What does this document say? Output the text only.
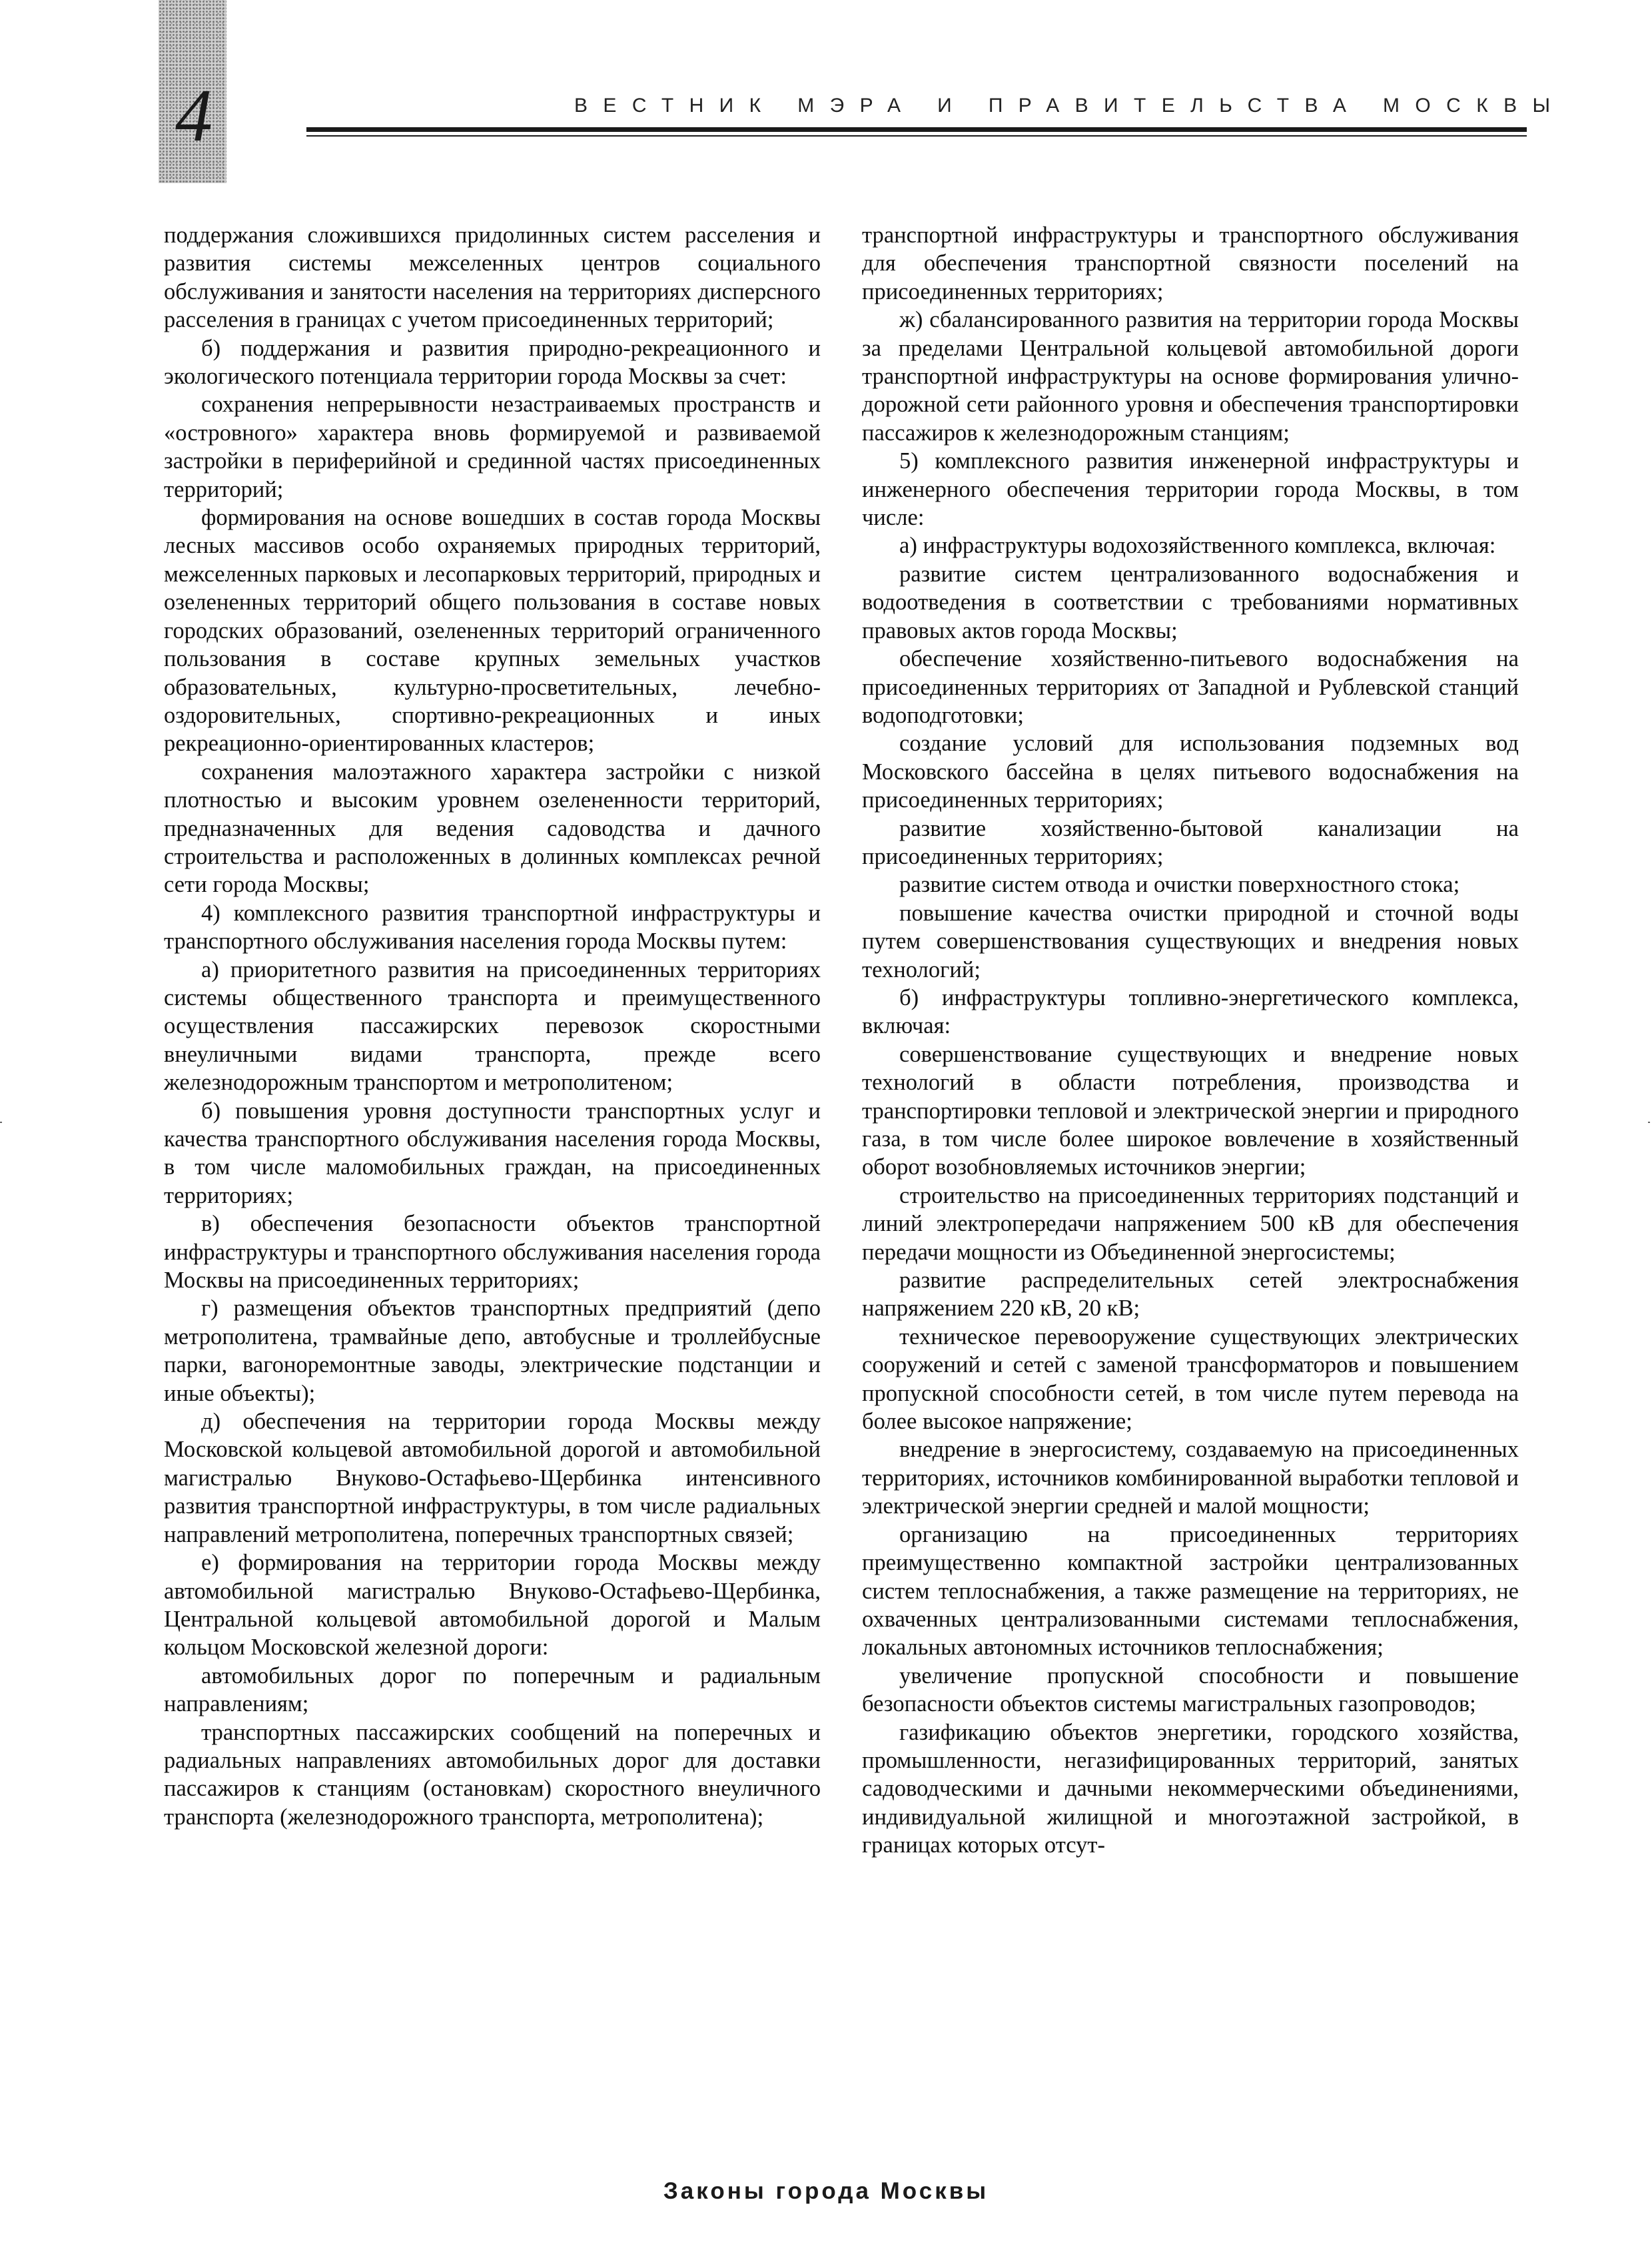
4	ВЕСТНИК МЭРА И ПРАВИТЕЛЬСТВА МОСКВЫ

поддержания сложившихся придолинных систем расселения и развития системы межселенных центров социального обслуживания и занятости населения на территориях дисперсного расселения в границах с учетом присоединенных территорий;

б) поддержания и развития природно-рекреационного и экологического потенциала территории города Москвы за счет:

сохранения непрерывности незастраиваемых пространств и «островного» характера вновь формируемой и развиваемой застройки в периферийной и срединной частях присоединенных территорий;

формирования на основе вошедших в состав города Москвы лесных массивов особо охраняемых природных территорий, межселенных парковых и лесопарковых территорий, природных и озелененных территорий общего пользования в составе новых городских образований, озелененных территорий ограниченного пользования в составе крупных земельных участков образовательных, культурно-просветительных, лечебно-оздоровительных, спортивно-рекреационных и иных рекреационно-ориентированных кластеров;

сохранения малоэтажного характера застройки с низкой плотностью и высоким уровнем озелененности территорий, предназначенных для ведения садоводства и дачного строительства и расположенных в долинных комплексах речной сети города Москвы;

4) комплексного развития транспортной инфраструктуры и транспортного обслуживания населения города Москвы путем:

а) приоритетного развития на присоединенных территориях системы общественного транспорта и преимущественного осуществления пассажирских перевозок скоростными внеуличными видами транспорта, прежде всего железнодорожным транспортом и метрополитеном;

б) повышения уровня доступности транспортных услуг и качества транспортного обслуживания населения города Москвы, в том числе маломобильных граждан, на присоединенных территориях;

в) обеспечения безопасности объектов транспортной инфраструктуры и транспортного обслуживания населения города Москвы на присоединенных территориях;

г) размещения объектов транспортных предприятий (депо метрополитена, трамвайные депо, автобусные и троллейбусные парки, вагоноремонтные заводы, электрические подстанции и иные объекты);

д) обеспечения на территории города Москвы между Московской кольцевой автомобильной дорогой и автомобильной магистралью Внуково-Остафьево-Щербинка интенсивного развития транспортной инфраструктуры, в том числе радиальных направлений метрополитена, поперечных транспортных связей;

е) формирования на территории города Москвы между автомобильной магистралью Внуково-Остафьево-Щербинка, Центральной кольцевой автомобильной дорогой и Малым кольцом Московской железной дороги:

автомобильных дорог по поперечным и радиальным направлениям;

транспортных пассажирских сообщений на поперечных и радиальных направлениях автомобильных дорог для доставки пассажиров к станциям (остановкам) скоростного внеуличного транспорта (железнодорожного транспорта, метрополитена);

транспортной инфраструктуры и транспортного обслуживания для обеспечения транспортной связности поселений на присоединенных территориях;

ж) сбалансированного развития на территории города Москвы за пределами Центральной кольцевой автомобильной дороги транспортной инфраструктуры на основе формирования улично-дорожной сети районного уровня и обеспечения транспортировки пассажиров к железнодорожным станциям;

5) комплексного развития инженерной инфраструктуры и инженерного обеспечения территории города Москвы, в том числе:

а) инфраструктуры водохозяйственного комплекса, включая:

развитие систем централизованного водоснабжения и водоотведения в соответствии с требованиями нормативных правовых актов города Москвы;

обеспечение хозяйственно-питьевого водоснабжения на присоединенных территориях от Западной и Рублевской станций водоподготовки;

создание условий для использования подземных вод Московского бассейна в целях питьевого водоснабжения на присоединенных территориях;

развитие хозяйственно-бытовой канализации на присоединенных территориях;

развитие систем отвода и очистки поверхностного стока;

повышение качества очистки природной и сточной воды путем совершенствования существующих и внедрения новых технологий;

б) инфраструктуры топливно-энергетического комплекса, включая:

совершенствование существующих и внедрение новых технологий в области потребления, производства и транспортировки тепловой и электрической энергии и природного газа, в том числе более широкое вовлечение в хозяйственный оборот возобновляемых источников энергии;

строительство на присоединенных территориях подстанций и линий электропередачи напряжением 500 кВ для обеспечения передачи мощности из Объединенной энергосистемы;

развитие распределительных сетей электроснабжения напряжением 220 кВ, 20 кВ;

техническое перевооружение существующих электрических сооружений и сетей с заменой трансформаторов и повышением пропускной способности сетей, в том числе путем перевода на более высокое напряжение;

внедрение в энергосистему, создаваемую на присоединенных территориях, источников комбинированной выработки тепловой и электрической энергии средней и малой мощности;

организацию на присоединенных территориях преимущественно компактной застройки централизованных систем теплоснабжения, а также размещение на территориях, не охваченных централизованными системами теплоснабжения, локальных автономных источников теплоснабжения;

увеличение пропускной способности и повышение безопасности объектов системы магистральных газопроводов;

газификацию объектов энергетики, городского хозяйства, промышленности, негазифицированных территорий, занятых садоводческими и дачными некоммерческими объединениями, индивидуальной жилищной и многоэтажной застройкой, в границах которых отсут-

Законы города Москвы
